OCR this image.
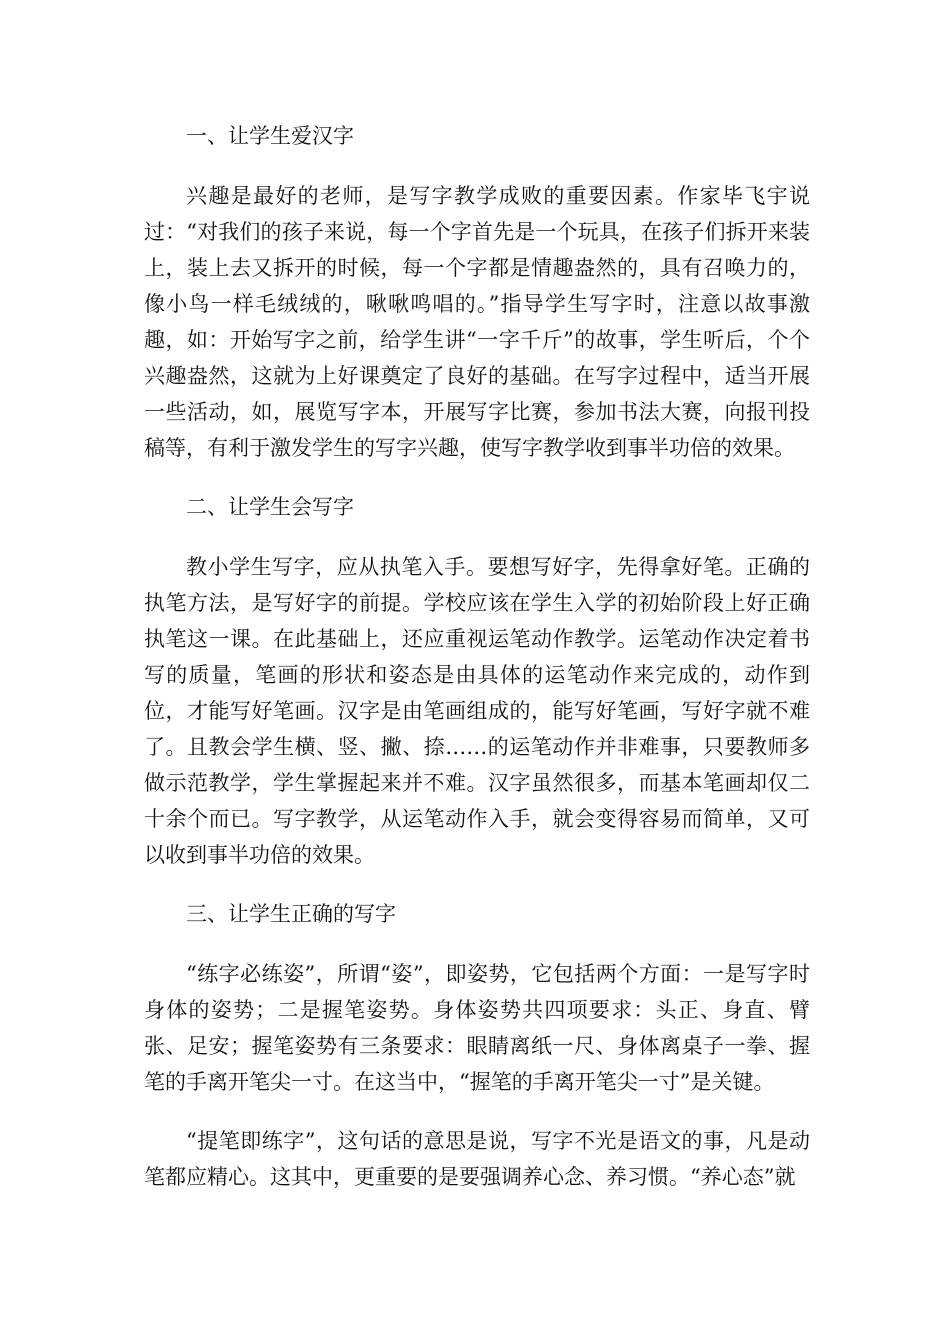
一、让学生爱汉字

兴趣是最好的老师，是写字教学成败的重要因素。作家毕飞宇说过：“对我们的孩子来说，每一个字首先是一个玩具，在孩子们拆开来装上，装上去又拆开的时候，每一个字都是情趣盎然的，具有召唤力的，像小鸟一样毛绒绒的，啾啾鸣唱的。”指导学生写字时，注意以故事激趣，如：开始写字之前，给学生讲“一字千斤”的故事，学生听后，个个兴趣盎然，这就为上好课奠定了良好的基础。在写字过程中，适当开展一些活动，如，展览写字本，开展写字比赛，参加书法大赛，向报刊投稿等，有利于激发学生的写字兴趣，使写字教学收到事半功倍的效果。

二、让学生会写字

教小学生写字，应从执笔入手。要想写好字，先得拿好笔。正确的执笔方法，是写好字的前提。学校应该在学生入学的初始阶段上好正确执笔这一课。在此基础上，还应重视运笔动作教学。运笔动作决定着书写的质量，笔画的形状和姿态是由具体的运笔动作来完成的，动作到位，才能写好笔画。汉字是由笔画组成的，能写好笔画，写好字就不难了。且教会学生横、竖、撇、捺……的运笔动作并非难事，只要教师多做示范教学，学生掌握起来并不难。汉字虽然很多，而基本笔画却仅二十余个而已。写字教学，从运笔动作入手，就会变得容易而简单，又可以收到事半功倍的效果。

三、让学生正确的写字

“练字必练姿”，所谓“姿”，即姿势，它包括两个方面：一是写字时身体的姿势；二是握笔姿势。身体姿势共四项要求：头正、身直、臂张、足安；握笔姿势有三条要求：眼睛离纸一尺、身体离桌子一拳、握笔的手离开笔尖一寸。在这当中，“握笔的手离开笔尖一寸”是关键。

“提笔即练字”，这句话的意思是说，写字不光是语文的事，凡是动笔都应精心。这其中，更重要的是要强调养心念、养习惯。“养心态”就
